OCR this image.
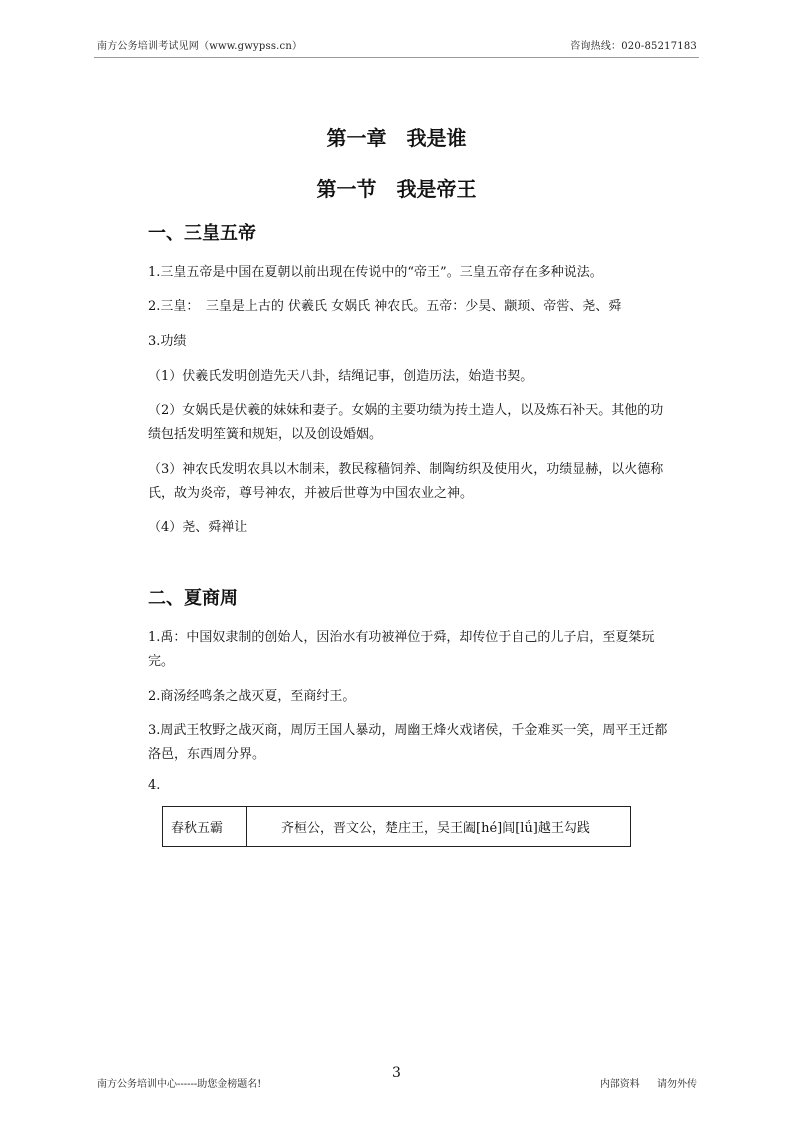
南方公务培训考试见网（www.gwypss.cn）	咨询热线：020-85217183
第一章　我是谁
第一节　我是帝王
一、三皇五帝
1.三皇五帝是中国在夏朝以前出现在传说中的“帝王”。三皇五帝存在多种说法。
2.三皇：　三皇是上古的 伏羲氏 女娲氏 神农氏。五帝：少昊、颛顼、帝喾、尧、舜
3.功绩
（1）伏羲氏发明创造先天八卦，结绳记事，创造历法，始造书契。
（2）女娲氏是伏羲的妹妹和妻子。女娲的主要功绩为抟土造人，以及炼石补天。其他的功绩包括发明笙簧和规矩，以及创设婚姻。
（3）神农氏发明农具以木制耒，教民稼穑饲养、制陶纺织及使用火，功绩显赫，以火德称氏，故为炎帝，尊号神农，并被后世尊为中国农业之神。
（4）尧、舜禅让
二、夏商周
1.禹：中国奴隶制的创始人，因治水有功被禅位于舜，却传位于自己的儿子启，至夏桀玩完。
2.商汤经鸣条之战灭夏，至商纣王。
3.周武王牧野之战灭商，周厉王国人暴动，周幽王烽火戏诸侯，千金难买一笑，周平王迁都洛邑，东西周分界。
4.
春秋五霸	齐桓公，晋文公，楚庄王，吴王阖[hé]闾[lǘ]越王勾践
3
南方公务培训中心------助您金榜题名!	内部资料 请勿外传
